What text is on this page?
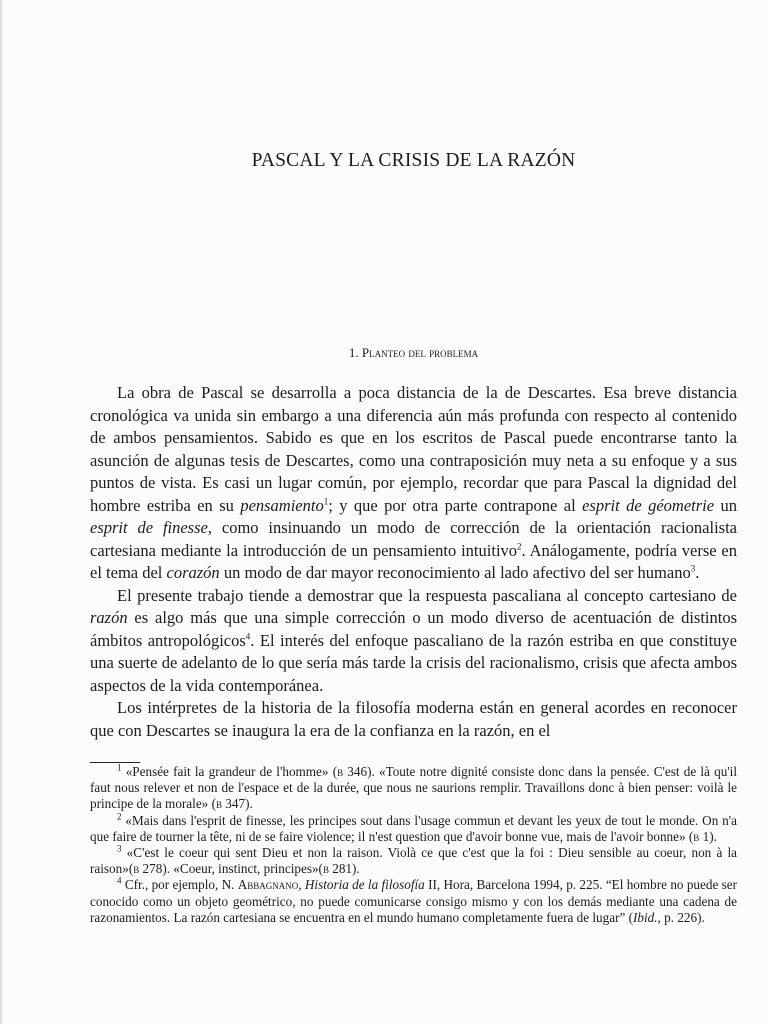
PASCAL Y LA CRISIS DE LA RAZÓN
1. Planteo del problema

La obra de Pascal se desarrolla a poca distancia de la de Descartes. Esa breve distancia cronológica va unida sin embargo a una diferencia aún más profunda con respecto al contenido de ambos pensamientos. Sabido es que en los escritos de Pascal puede encontrarse tanto la asunción de algunas tesis de Descartes, como una contraposición muy neta a su enfoque y a sus puntos de vista. Es casi un lugar común, por ejemplo, recordar que para Pascal la dignidad del hombre estriba en su pensamiento$^1$; y que por otra parte contrapone al esprit de géometrie un esprit de finesse, como insinuando un modo de corrección de la orientación racionalista cartesiana mediante la introducción de un pensamiento intuitivo$^2$. Análogamente, podría verse en el tema del corazón un modo de dar mayor reconocimiento al lado afectivo del ser humano$^3$.

El presente trabajo tiende a demostrar que la respuesta pascaliana al concepto cartesiano de razón es algo más que una simple corrección o un modo diverso de acentuación de distintos ámbitos antropológicos$^4$. El interés del enfoque pascaliano de la razón estriba en que constituye una suerte de adelanto de lo que sería más tarde la crisis del racionalismo, crisis que afecta ambos aspectos de la vida contemporánea.

Los intérpretes de la historia de la filosofía moderna están en general acordes en reconocer que con Descartes se inaugura la era de la confianza en la razón, en el

$^1$ «Pensée fait la grandeur de l'homme» (b 346). «Toute notre dignité consiste donc dans la pensée. C'est de là qu'il faut nous relever et non de l'espace et de la durée, que nous ne saurions remplir. Travaillons donc à bien penser: voilà le principe de la morale» (b 347).

$^2$ «Mais dans l'esprit de finesse, les principes sout dans l'usage commun et devant les yeux de tout le monde. On n'a que faire de tourner la tête, ni de se faire violence; il n'est question que d'avoir bonne vue, mais de l'avoir bonne» (b 1).

$^3$ «C'est le coeur qui sent Dieu et non la raison. Violà ce que c'est que la foi : Dieu sensible au coeur, non à la raison»(b 278). «Coeur, instinct, principes»(b 281).

$^4$ Cfr., por ejemplo, N. Abbagnano, Historia de la filosofía II, Hora, Barcelona 1994, p. 225. “El hombre no puede ser conocido como un objeto geométrico, no puede comunicarse consigo mismo y con los demás mediante una cadena de razonamientos. La razón cartesiana se encuentra en el mundo humano completamente fuera de lugar” (Ibid., p. 226).
